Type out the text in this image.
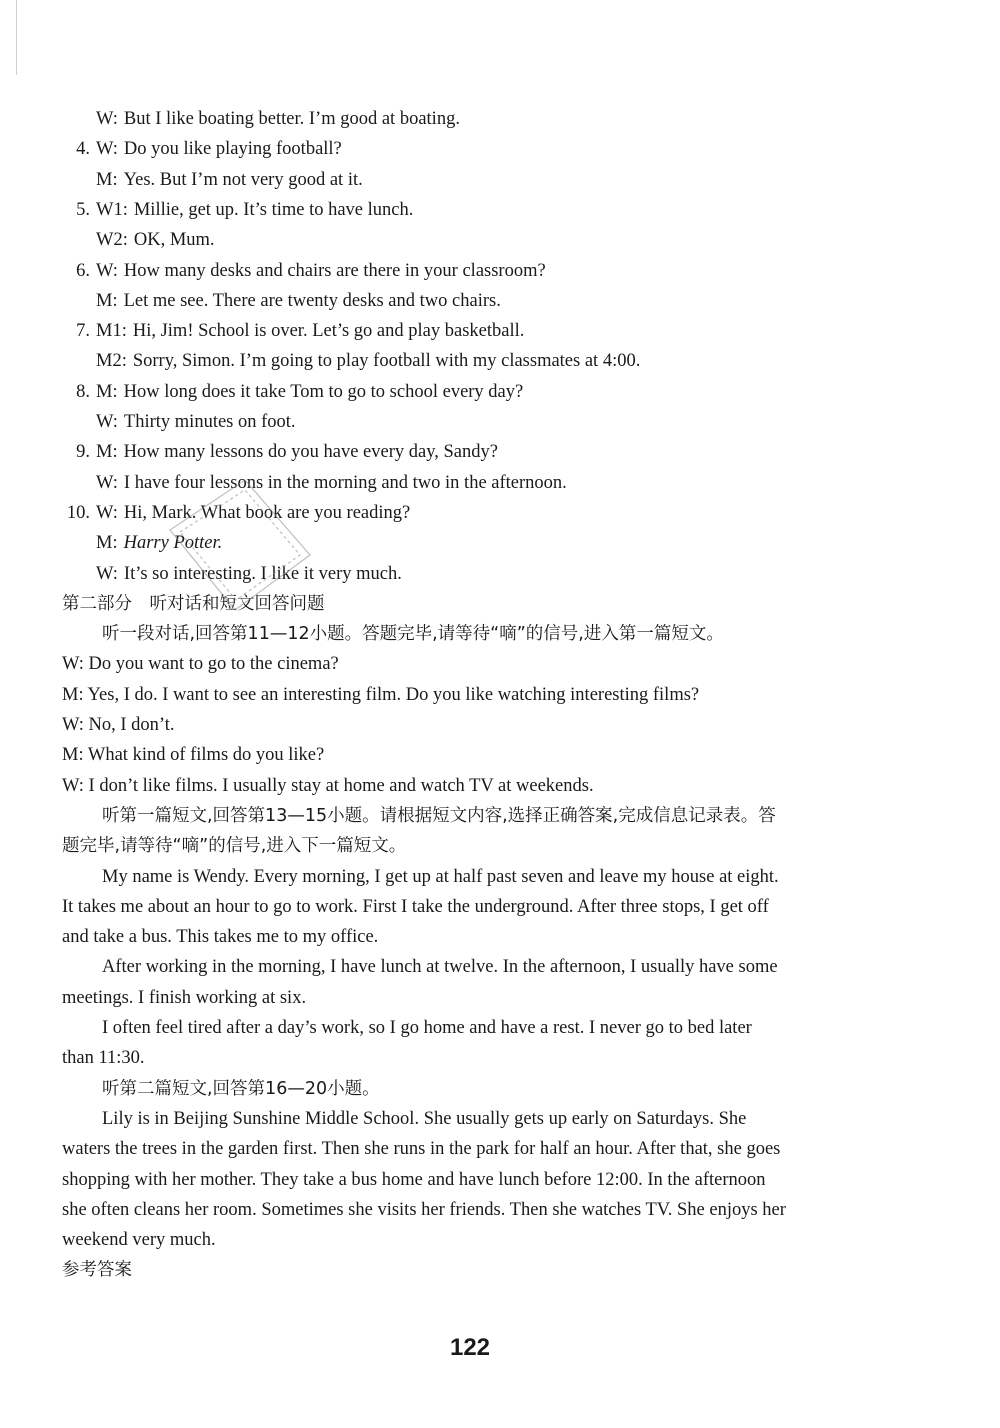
W: But I like boating better. I’m good at boating.
4. W: Do you like playing football?
M: Yes. But I’m not very good at it.
5. W1: Millie, get up. It’s time to have lunch.
W2: OK, Mum.
6. W: How many desks and chairs are there in your classroom?
M: Let me see. There are twenty desks and two chairs.
7. M1: Hi, Jim! School is over. Let’s go and play basketball.
M2: Sorry, Simon. I’m going to play football with my classmates at 4:00.
8. M: How long does it take Tom to go to school every day?
W: Thirty minutes on foot.
9. M: How many lessons do you have every day, Sandy?
W: I have four lessons in the morning and two in the afternoon.
10. W: Hi, Mark. What book are you reading?
M: Harry Potter.
W: It’s so interesting. I like it very much.
第二部分　听对话和短文回答问题
听一段对话,回答第11—12小题。答题完毕,请等待“嘀”的信号,进入第一篇短文。
W: Do you want to go to the cinema?
M: Yes, I do. I want to see an interesting film. Do you like watching interesting films?
W: No, I don’t.
M: What kind of films do you like?
W: I don’t like films. I usually stay at home and watch TV at weekends.
听第一篇短文,回答第13—15小题。请根据短文内容,选择正确答案,完成信息记录表。答
题完毕,请等待“嘀”的信号,进入下一篇短文。
My name is Wendy. Every morning, I get up at half past seven and leave my house at eight.
It takes me about an hour to go to work. First I take the underground. After three stops, I get off
and take a bus. This takes me to my office.
After working in the morning, I have lunch at twelve. In the afternoon, I usually have some
meetings. I finish working at six.
I often feel tired after a day’s work, so I go home and have a rest. I never go to bed later
than 11:30.
听第二篇短文,回答第16—20小题。
Lily is in Beijing Sunshine Middle School. She usually gets up early on Saturdays. She
waters the trees in the garden first. Then she runs in the park for half an hour. After that, she goes
shopping with her mother. They take a bus home and have lunch before 12:00. In the afternoon
she often cleans her room. Sometimes she visits her friends. Then she watches TV. She enjoys her
weekend very much.
参考答案
122
